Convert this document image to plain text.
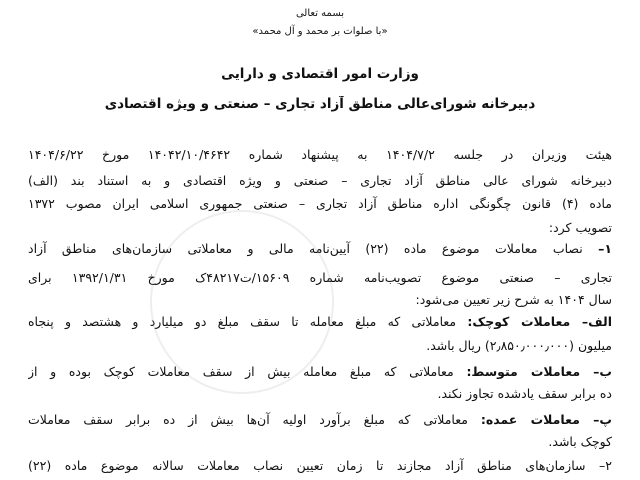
بسمه تعالی
«با صلوات بر محمد و آل محمد»
وزارت امور اقتصادی و دارایی
دبیرخانه شورای‌عالی مناطق آزاد تجاری – صنعتی و ویژه اقتصادی
هیئت وزیران در جلسه ۱۴۰۴/۷/۲ به پیشنهاد شماره ۱۴۰۴۲/۱۰/۴۶۴۲ مورخ ۱۴۰۴/۶/۲۲
دبیرخانه شورای عالی مناطق آزاد تجاری – صنعتی و ویژه اقتصادی و به استناد بند (الف)
ماده (۴) قانون چگونگی اداره مناطق آزاد تجاری – صنعتی جمهوری اسلامی ایران مصوب ۱۳۷۲
تصویب کرد:
۱– نصاب معاملات موضوع ماده (۲۲) آیین‌نامه مالی و معاملاتی سازمان‌های مناطق آزاد
تجاری – صنعتی موضوع تصویب‌نامه شماره ۱۵۶۰۹/ت۴۸۲۱۷ک مورخ ۱۳۹۲/۱/۳۱ برای
سال ۱۴۰۴ به شرح زیر تعیین می‌شود:
الف– معاملات کوچک: معاملاتی که مبلغ معامله تا سقف مبلغ دو میلیارد و هشتصد و پنجاه
میلیون (۲٫۸۵۰٫۰۰۰٫۰۰۰) ریال باشد.
ب– معاملات متوسط: معاملاتی که مبلغ معامله بیش از سقف معاملات کوچک بوده و از
ده برابر سقف یادشده تجاوز نکند.
پ– معاملات عمده: معاملاتی که مبلغ برآورد اولیه آن‌ها بیش از ده برابر سقف معاملات
کوچک باشد.
۲– سازمان‌های مناطق آزاد مجازند تا زمان تعیین نصاب معاملات سالانه موضوع ماده (۲۲)
